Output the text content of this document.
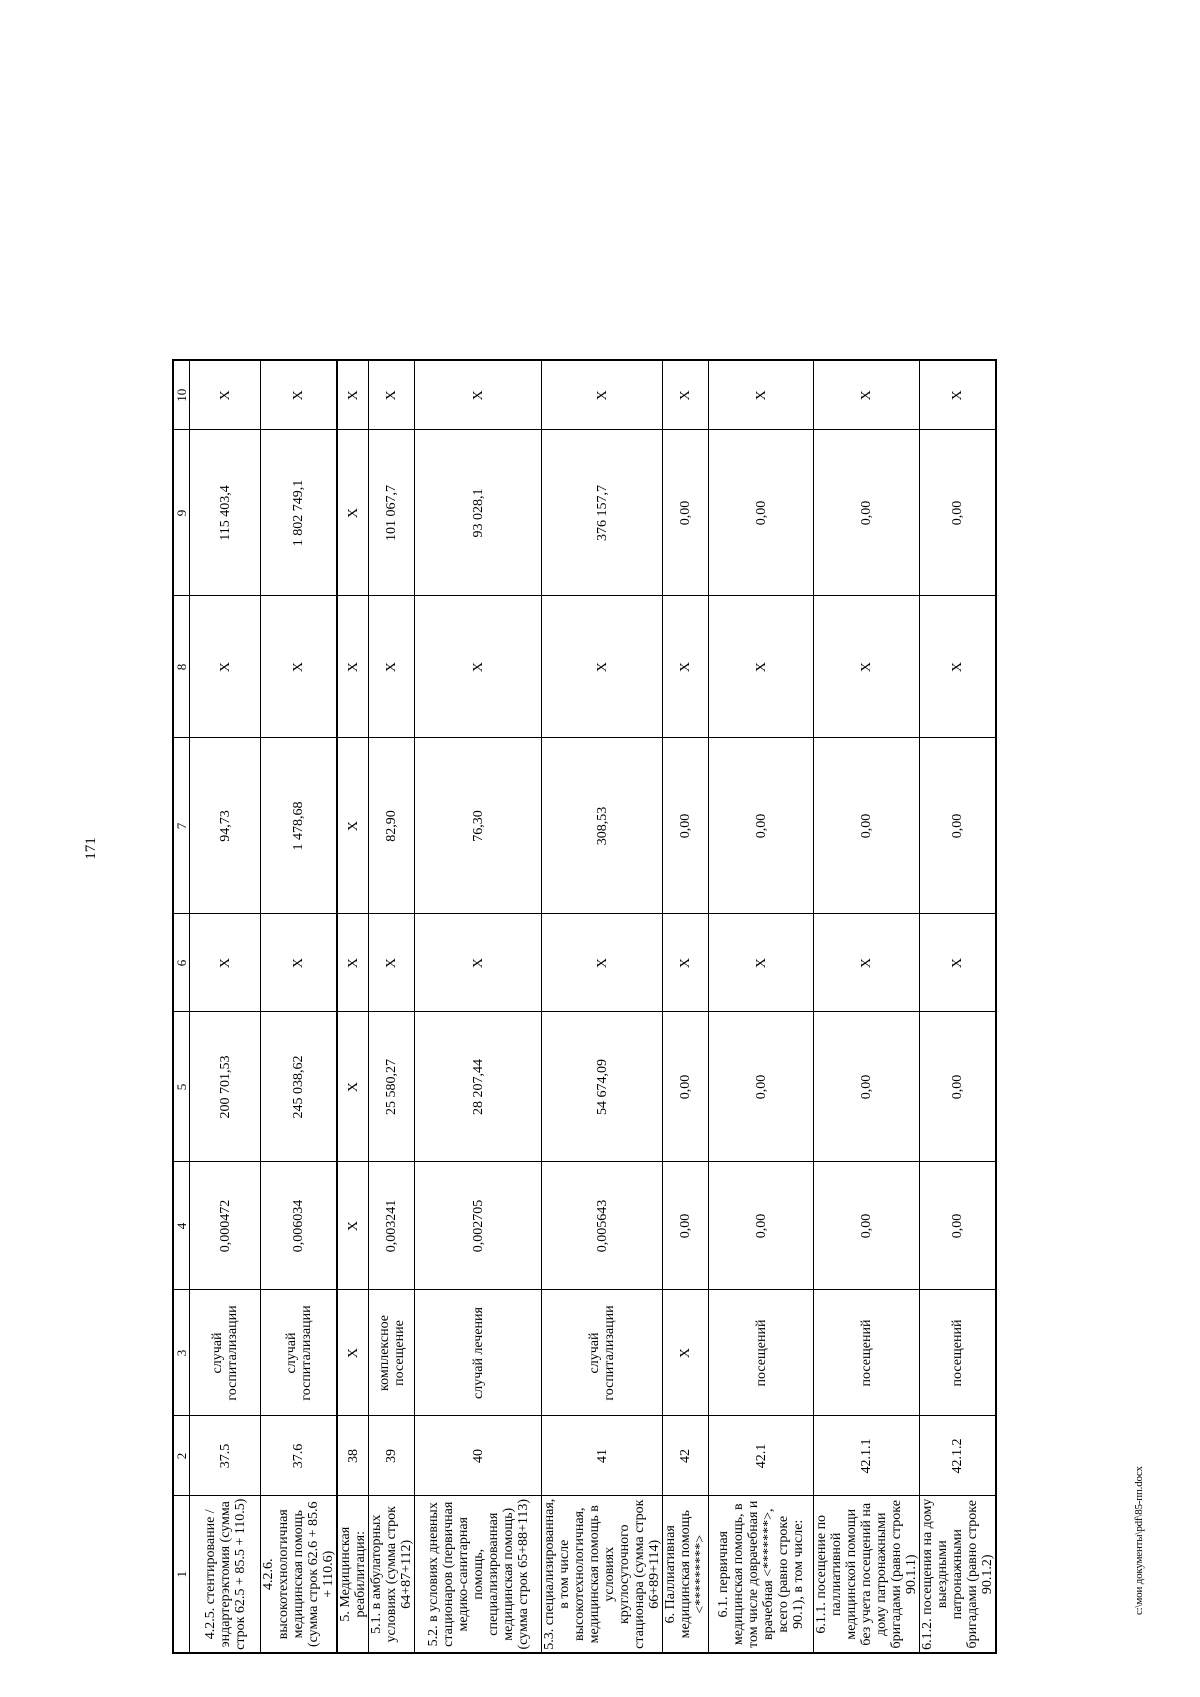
171
1	2	3	4	5	6	7	8	9	10
4.2.5. стентирование / эндартерэктомия (сумма строк 62.5 + 85.5 + 110.5)	37.5	случай госпитализации	0,000472	200 701,53	Х	94,73	Х	115 403,4	Х
4.2.6. высокотехнологичная медицинская помощь (сумма строк 62.6 + 85.6 + 110.6)	37.6	случай госпитализации	0,006034	245 038,62	Х	1 478,68	Х	1 802 749,1	Х
5. Медицинская реабилитация:	38	Х	Х	Х	Х	Х	Х	Х	Х
5.1. в амбулаторных условиях (сумма строк 64+87+112)	39	комплексное посещение	0,003241	25 580,27	Х	82,90	Х	101 067,7	Х
5.2. в условиях дневных стационаров (первичная медико-санитарная помощь, специализированная медицинская помощь) (сумма строк 65+88+113)	40	случай лечения	0,002705	28 207,44	Х	76,30	Х	93 028,1	Х
5.3. специализированная, в том числе высокотехнологичная, медицинская помощь в условиях круглосуточного стационара (сумма строк 66+89+114)	41	случай госпитализации	0,005643	54 674,09	Х	308,53	Х	376 157,7	Х
6. Паллиативная медицинская помощь <*********>	42	Х	0,00	0,00	Х	0,00	Х	0,00	Х
6.1. первичная медицинская помощь, в том числе доврачебная и врачебная <*******>, всего (равно строке 90.1), в том числе:	42.1	посещений	0,00	0,00	Х	0,00	Х	0,00	Х
6.1.1. посещение по паллиативной медицинской помощи без учета посещений на дому патронажными бригадами (равно строке 90.1.1)	42.1.1	посещений	0,00	0,00	Х	0,00	Х	0,00	Х
6.1.2. посещения на дому выездными патронажными бригадами (равно строке 90.1.2)	42.1.2	посещений	0,00	0,00	Х	0,00	Х	0,00	Х
c:\мои документы\pdf\85-пп.docx
